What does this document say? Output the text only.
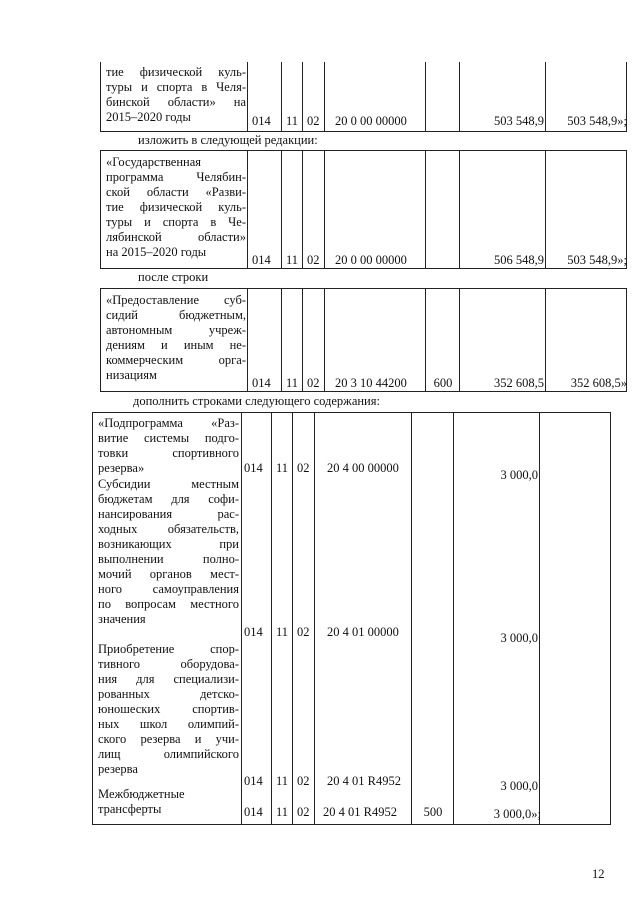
тие физической куль-
туры и спорта в Челя-
бинской области» на
2015–2020 годы	014 11 02 20 0 00 00000	503 548,9	503 548,9»;
изложить в следующей редакции:
«Государственная
программа Челябин-
ской области «Разви-
тие физической куль-
туры и спорта в Че-
лябинской области»
на 2015–2020 годы
014 11 02 20 0 00 00000	506 548,9	503 548,9»;
после строки
«Предоставление суб-
сидий бюджетным,
автономным учреж-
дениям и иным не-
коммерческим орга-
низациям
014 11 02 20 3 10 44200	600	352 608,5	352 608,5»
дополнить строками следующего содержания:
«Подпрограмма «Раз-
витие системы подго-
товки спортивного
резерва»	014 11 02 20 4 00 00000	3 000,0
Субсидии местным
бюджетам для софи-
нансирования рас-
ходных обязательств,
возникающих при
выполнении полно-
мочий органов мест-
ного самоуправления
по вопросам местного
значения
014 11 02 20 4 01 00000	3 000,0
Приобретение спор-
тивного оборудова-
ния для специализи-
рованных детско-
юношеских спортив-
ных школ олимпий-
ского резерва и учи-
лищ олимпийского
резерва
014 11 02 20 4 01 R4952	3 000,0
Межбюджетные
трансферты	014 11 02 20 4 01 R4952	500	3 000,0»;
12
